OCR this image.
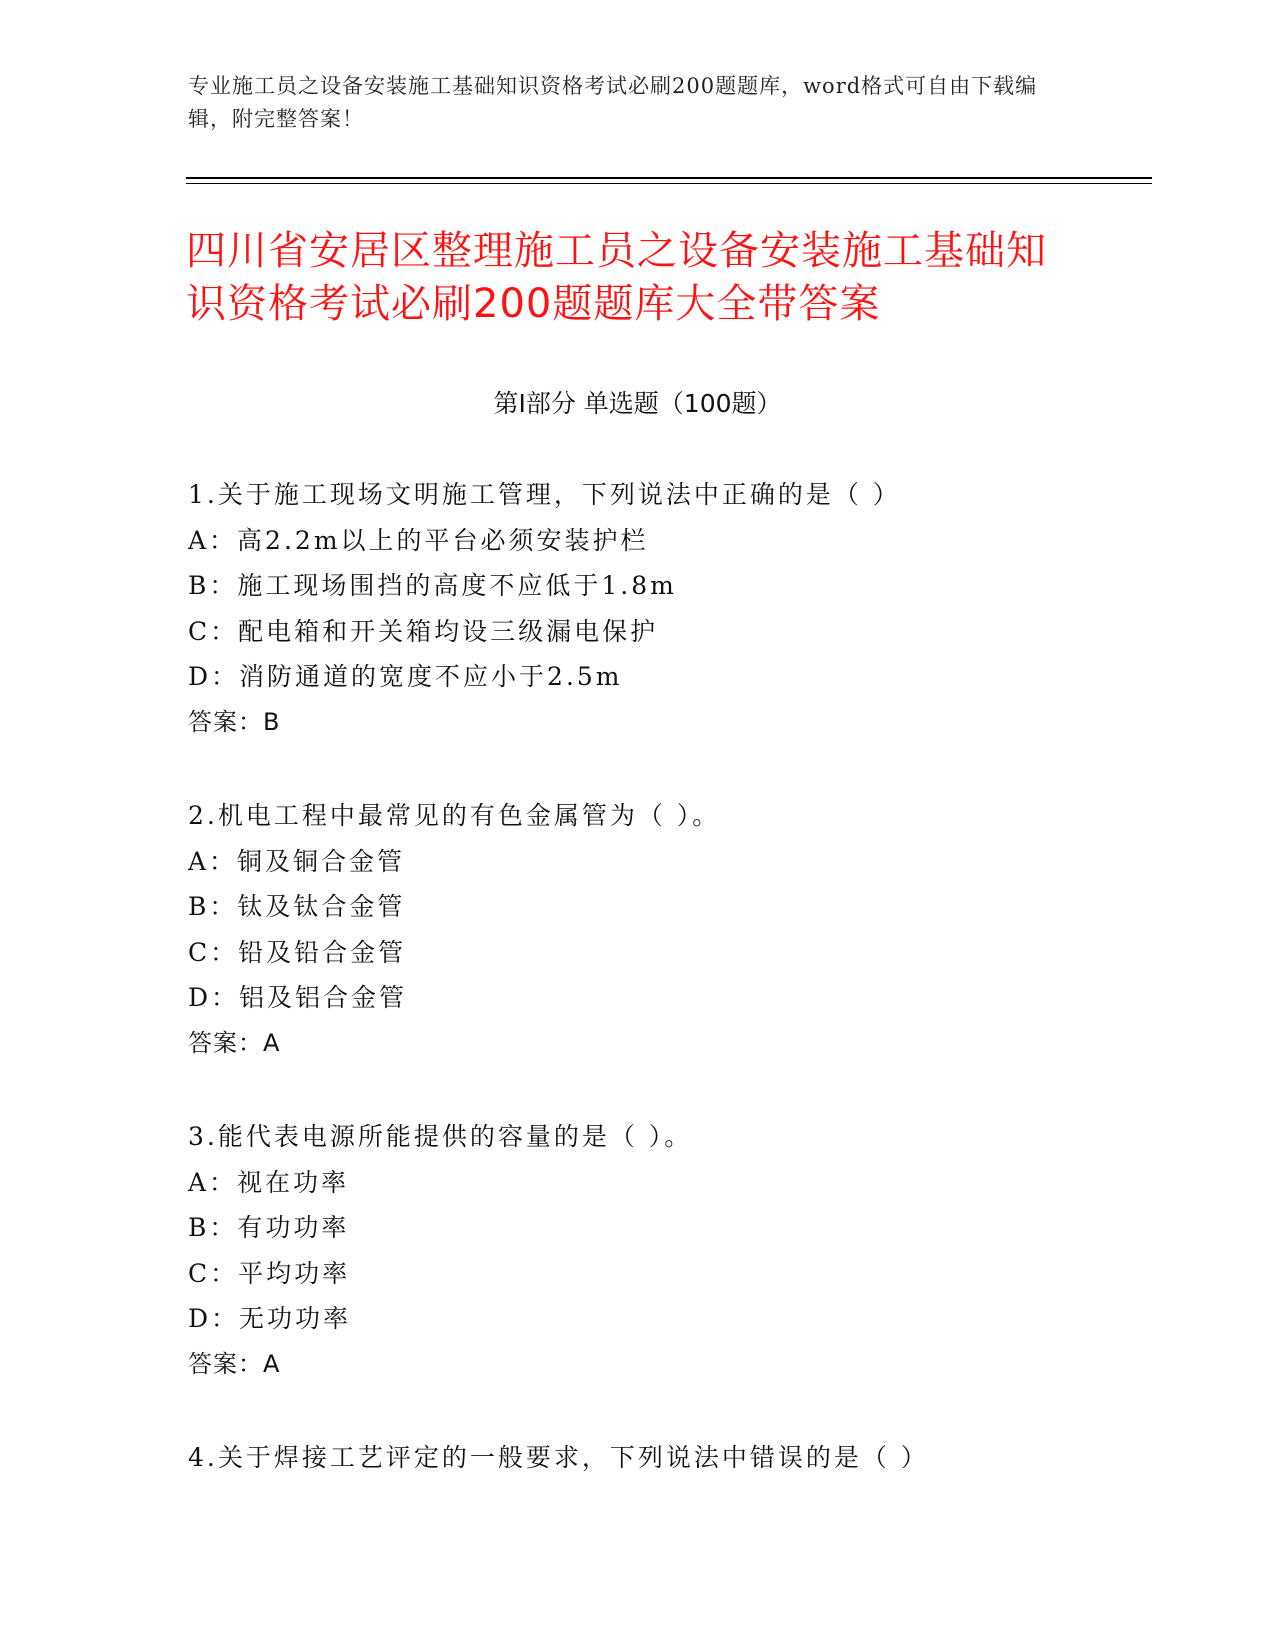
专业施工员之设备安装施工基础知识资格考试必刷200题题库，word格式可自由下载编辑，附完整答案！
四川省安居区整理施工员之设备安装施工基础知识资格考试必刷200题题库大全带答案
第Ⅰ部分 单选题（100题）
1.关于施工现场文明施工管理，下列说法中正确的是（ ）
A：高2.2m以上的平台必须安装护栏
B：施工现场围挡的高度不应低于1.8m
C：配电箱和开关箱均设三级漏电保护
D：消防通道的宽度不应小于2.5m
答案：B
2.机电工程中最常见的有色金属管为（ ）。
A：铜及铜合金管
B：钛及钛合金管
C：铅及铅合金管
D：铝及铝合金管
答案：A
3.能代表电源所能提供的容量的是（ ）。
A：视在功率
B：有功功率
C：平均功率
D：无功功率
答案：A
4.关于焊接工艺评定的一般要求，下列说法中错误的是（ ）
